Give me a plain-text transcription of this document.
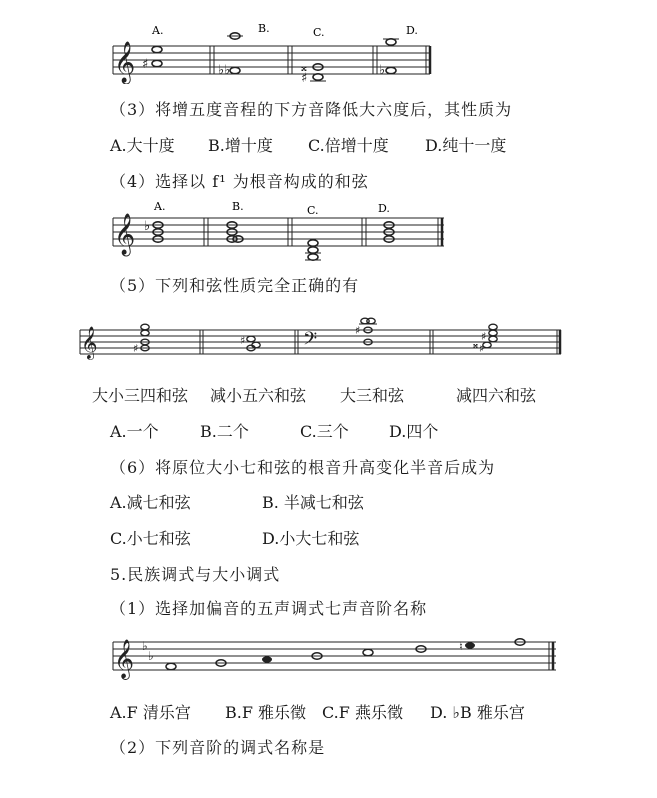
𝄞
A.	B.	C.	D.
♯	♭♭	𝄪
♯
♭
（3）将增五度音程的下方音降低大六度后，其性质为
A.大十度 B.增十度 C.倍增十度 D.纯十一度
（4）选择以 f¹ 为根音构成的和弦
𝄞
A.	B.	C.	D.
♭
（5）下列和弦性质完全正确的有
𝄞	𝄢
♯
♯
♯	♯
𝄪 ♯
大小三四和弦 减小五六和弦 大三和弦	减四六和弦
A.一个	B.二个	C.三个	D.四个
（6）将原位大小七和弦的根音升高变化半音后成为
A.减七和弦	B. 半减七和弦
C.小七和弦	D.小大七和弦
5.民族调式与大小调式
（1）选择加偏音的五声调式七声音阶名称
𝄞 ♭
♭
♮
A.F 清乐宫 B.F 雅乐徵 C.F 燕乐徵 D. ♭B 雅乐宫
（2）下列音阶的调式名称是
